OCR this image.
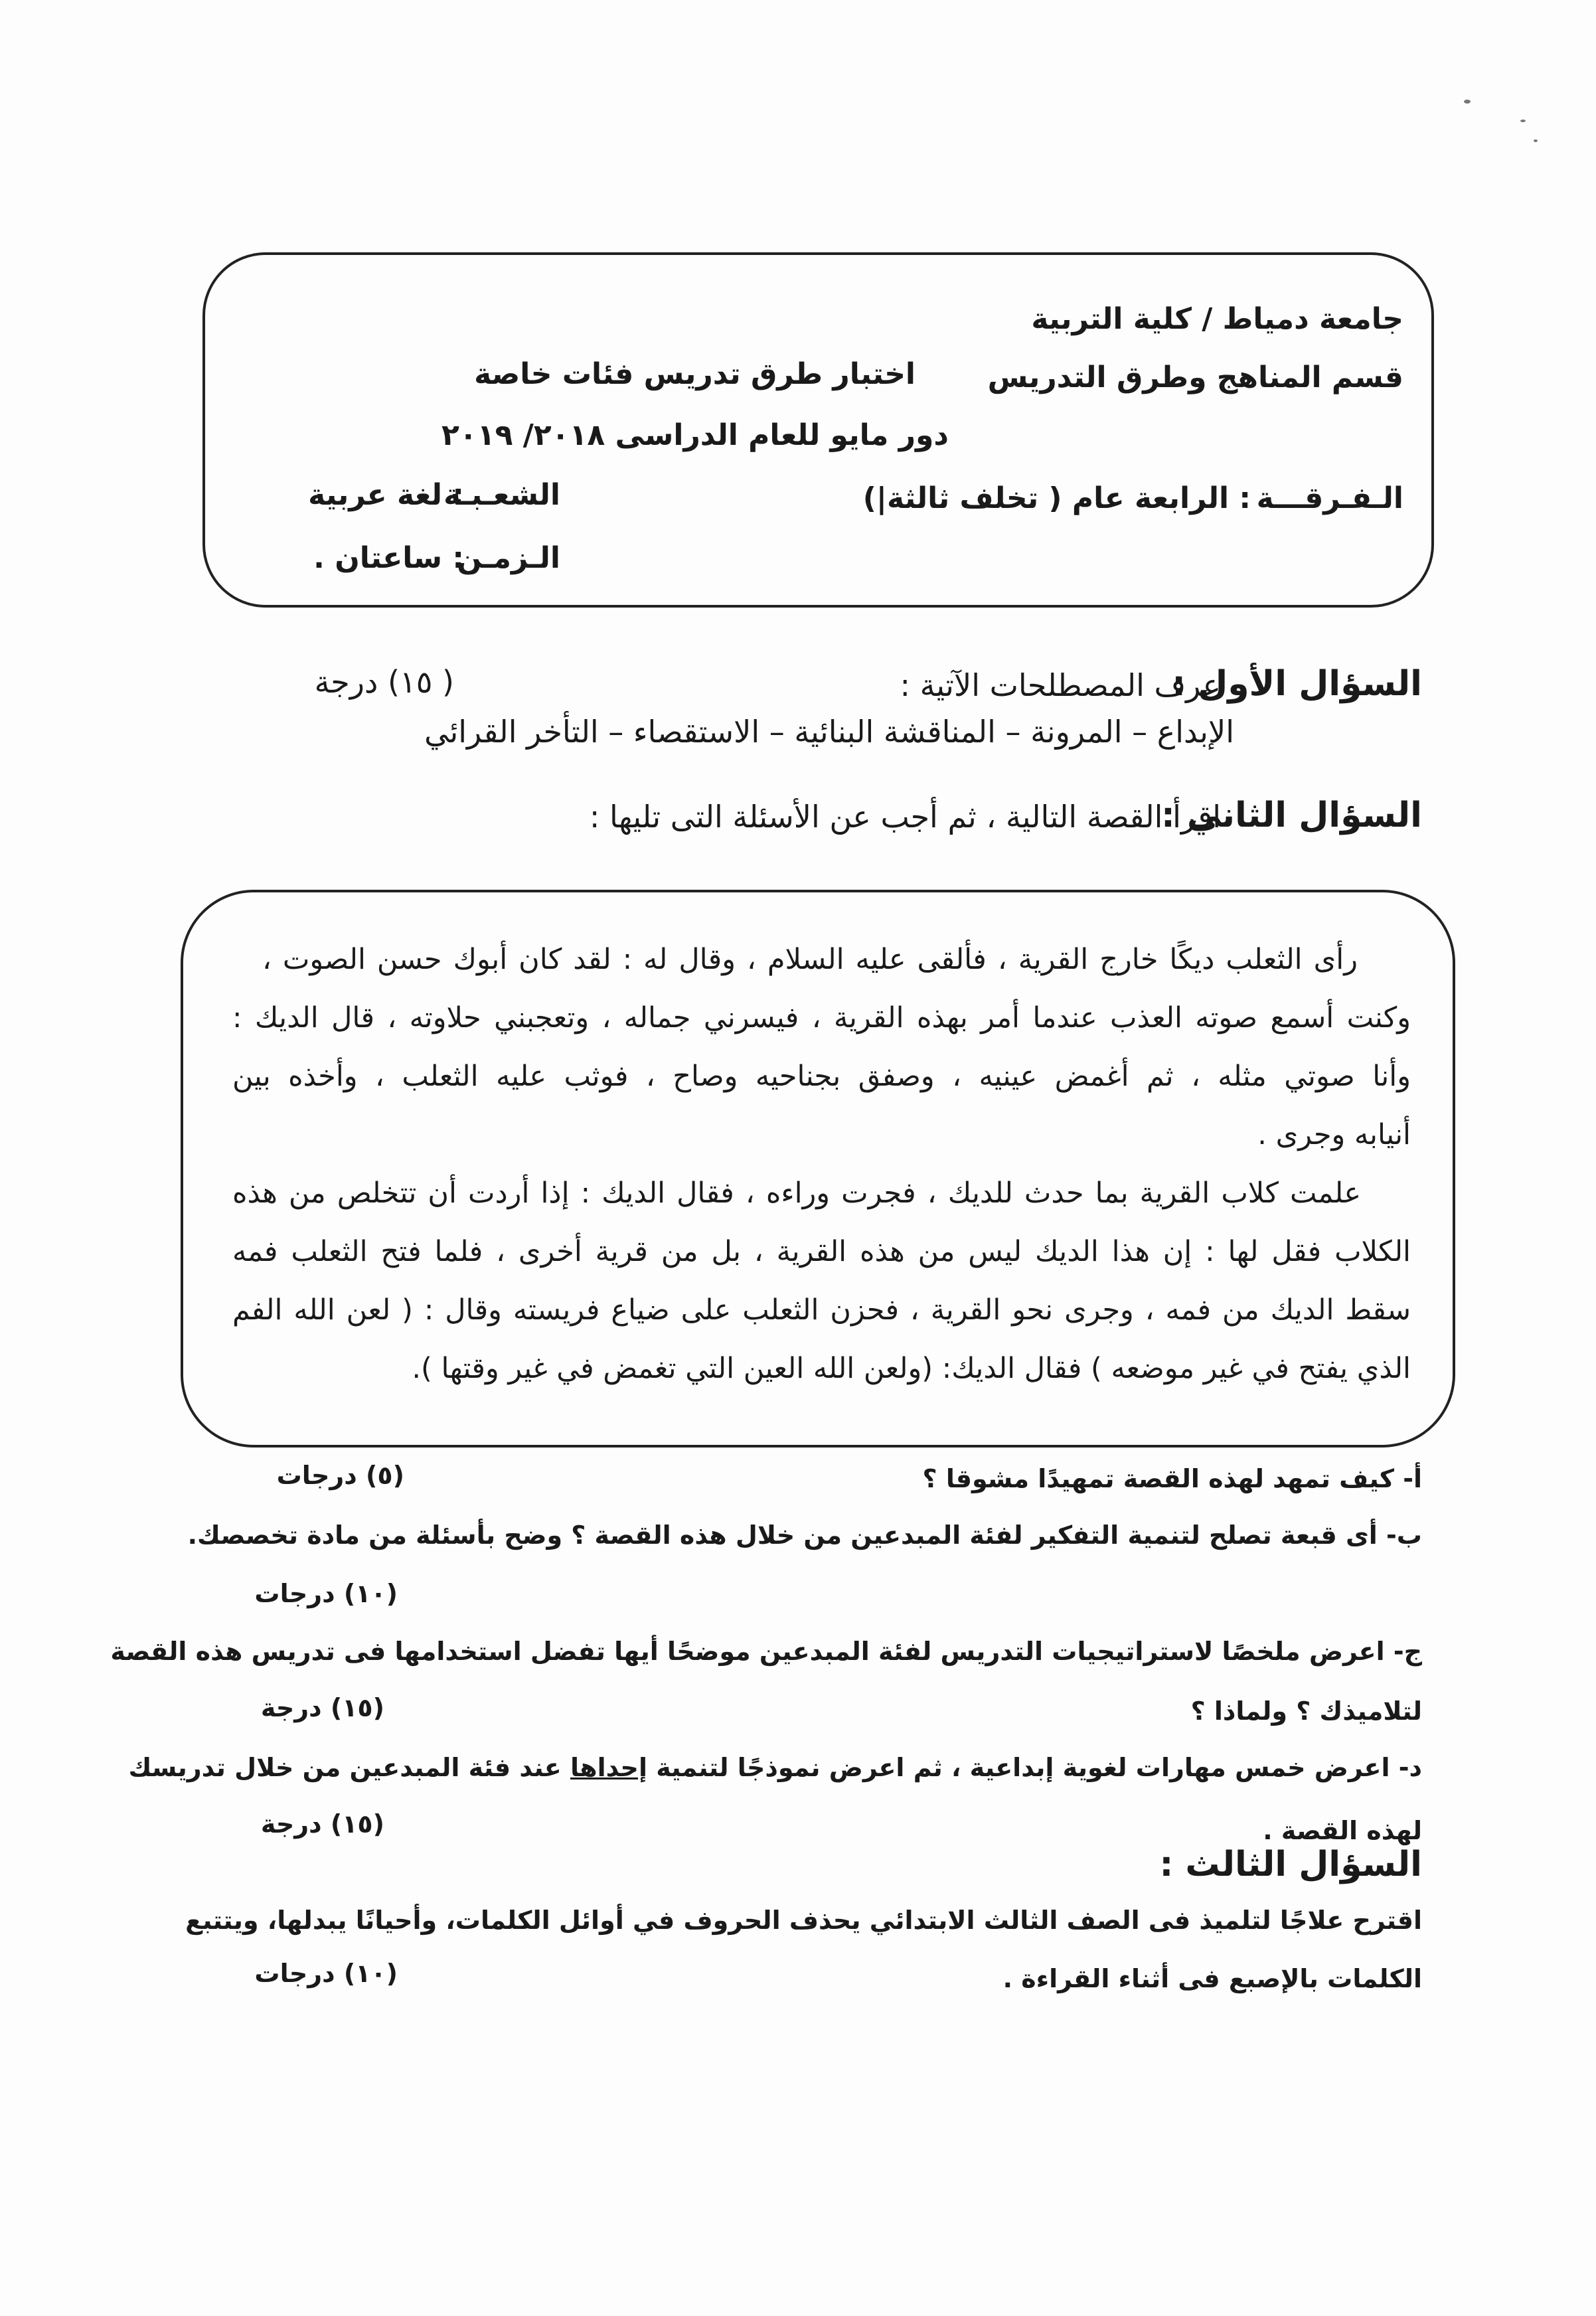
جامعة دمياط / كلية التربية
قسم المناهج وطرق التدريس
اختبار طرق تدريس فئات خاصة
دور مايو للعام الدراسى ٢٠١٨/ ٢٠١٩
الـفـرقـــة
: الرابعة عام ( تخلف ثالثة|)
الشعـبـة
: لغة عربية
الـزمـن
: ساعتان .
السؤال الأول :
عرف المصطلحات الآتية :
( ١٥) درجة
الإبداع – المرونة – المناقشة البنائية – الاستقصاء – التأخر القرائي
السؤال الثاني :
اقرأ القصة التالية ، ثم أجب عن الأسئلة التى تليها :
رأى الثعلب ديكًا خارج القرية ، فألقى عليه السلام ، وقال له : لقد كان أبوك حسن الصوت ،
وكنت أسمع صوته العذب عندما أمر بهذه القرية ، فيسرني جماله ، وتعجبني حلاوته ، قال الديك :
وأنا صوتي مثله ، ثم أغمض عينيه ، وصفق بجناحيه وصاح ، فوثب عليه الثعلب ، وأخذه بين
أنيابه وجرى .
علمت كلاب القرية بما حدث للديك ، فجرت وراءه ، فقال الديك : إذا أردت أن تتخلص من هذه
الكلاب فقل لها : إن هذا الديك ليس من هذه القرية ، بل من قرية أخرى ، فلما فتح الثعلب فمه
سقط الديك من فمه ، وجرى نحو القرية ، فحزن الثعلب على ضياع فريسته وقال : ( لعن الله الفم
الذي يفتح في غير موضعه ) فقال الديك: (ولعن الله العين التي تغمض في غير وقتها ).
أ- كيف تمهد لهذه القصة تمهيدًا مشوقا ؟
(٥) درجات
ب- أى قبعة تصلح لتنمية التفكير لفئة المبدعين من خلال هذه القصة ؟ وضح بأسئلة من مادة تخصصك.
(١٠) درجات
ج- اعرض ملخصًا لاستراتيجيات التدريس لفئة المبدعين موضحًا أيها تفضل استخدامها فى تدريس هذه القصة
لتلاميذك ؟ ولماذا ؟
(١٥) درجة
د- اعرض خمس مهارات لغوية إبداعية ، ثم اعرض نموذجًا لتنمية إحداها عند فئة المبدعين من خلال تدريسك
لهذه القصة .
(١٥) درجة
السؤال الثالث :
اقترح علاجًا لتلميذ فى الصف الثالث الابتدائي يحذف الحروف في أوائل الكلمات، وأحيانًا يبدلها، ويتتبع
الكلمات بالإصبع فى أثناء القراءة .
(١٠) درجات
